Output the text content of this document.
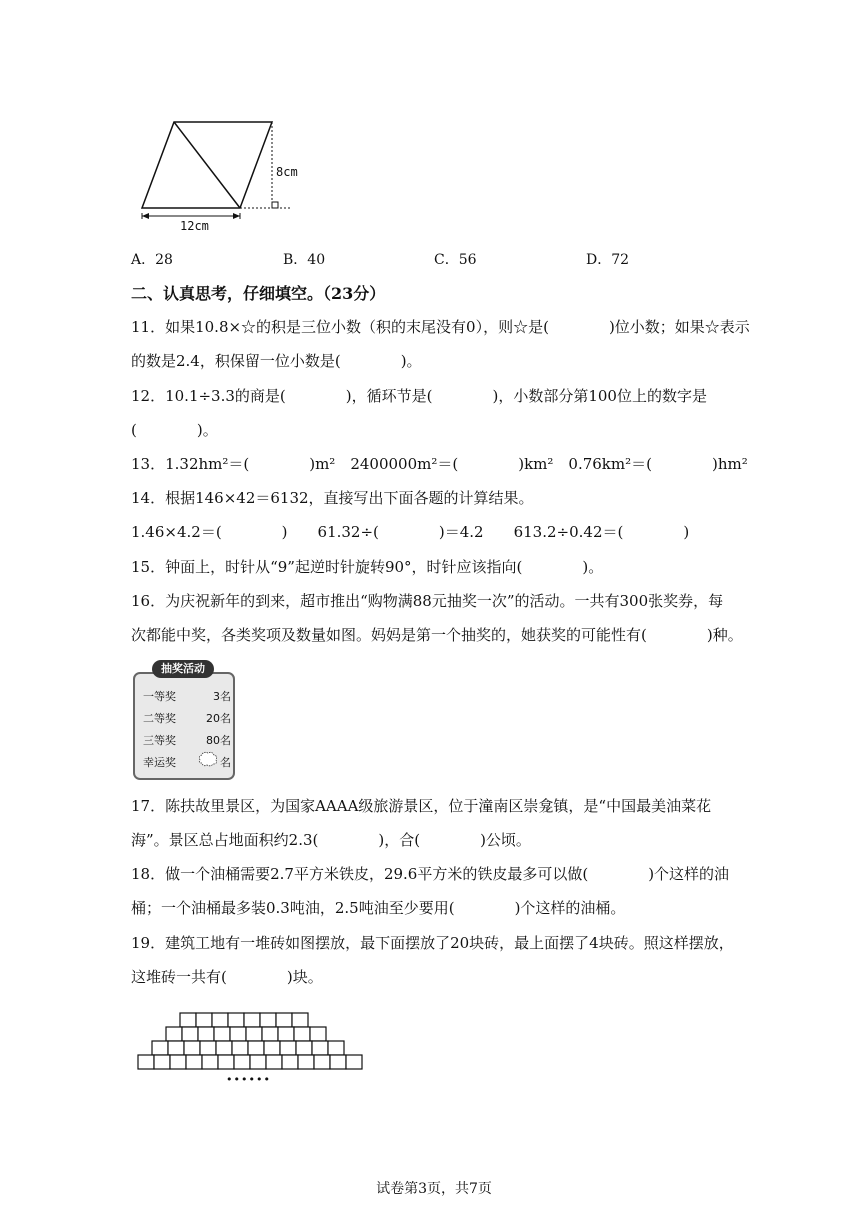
8cm
12cm
A．28	B．40	C．56	D．72
二、认真思考，仔细填空。（23分）
11．如果10.8×☆的积是三位小数（积的末尾没有0），则☆是(　　　　)位小数；如果☆表示
的数是2.4，积保留一位小数是(　　　　)。
12．10.1÷3.3的商是(　　　　)，循环节是(　　　　)，小数部分第100位上的数字是
(　　　　)。
13．1.32hm²＝(　　　　)m²　2400000m²＝(　　　　)km²　0.76km²＝(　　　　)hm²
14．根据146×42＝6132，直接写出下面各题的计算结果。
1.46×4.2＝(　　　　)　　61.32÷(　　　　)＝4.2　　613.2÷0.42＝(　　　　)
15．钟面上，时针从“9”起逆时针旋转90°，时针应该指向(　　　　)。
16．为庆祝新年的到来，超市推出“购物满88元抽奖一次”的活动。一共有300张奖券，每
次都能中奖，各类奖项及数量如图。妈妈是第一个抽奖的，她获奖的可能性有(　　　　)种。
一等奖	3名
二等奖	20名
三等奖	80名
幸运奖	名
抽奖活动
17．陈扶故里景区，为国家AAAA级旅游景区，位于潼南区崇龛镇，是“中国最美油菜花
海”。景区总占地面积约2.3(　　　　)，合(　　　　)公顷。
18．做一个油桶需要2.7平方米铁皮，29.6平方米的铁皮最多可以做(　　　　)个这样的油
桶；一个油桶最多装0.3吨油，2.5吨油至少要用(　　　　)个这样的油桶。
19．建筑工地有一堆砖如图摆放，最下面摆放了20块砖，最上面摆了4块砖。照这样摆放，
这堆砖一共有(　　　　)块。
••••••
试卷第3页，共7页
